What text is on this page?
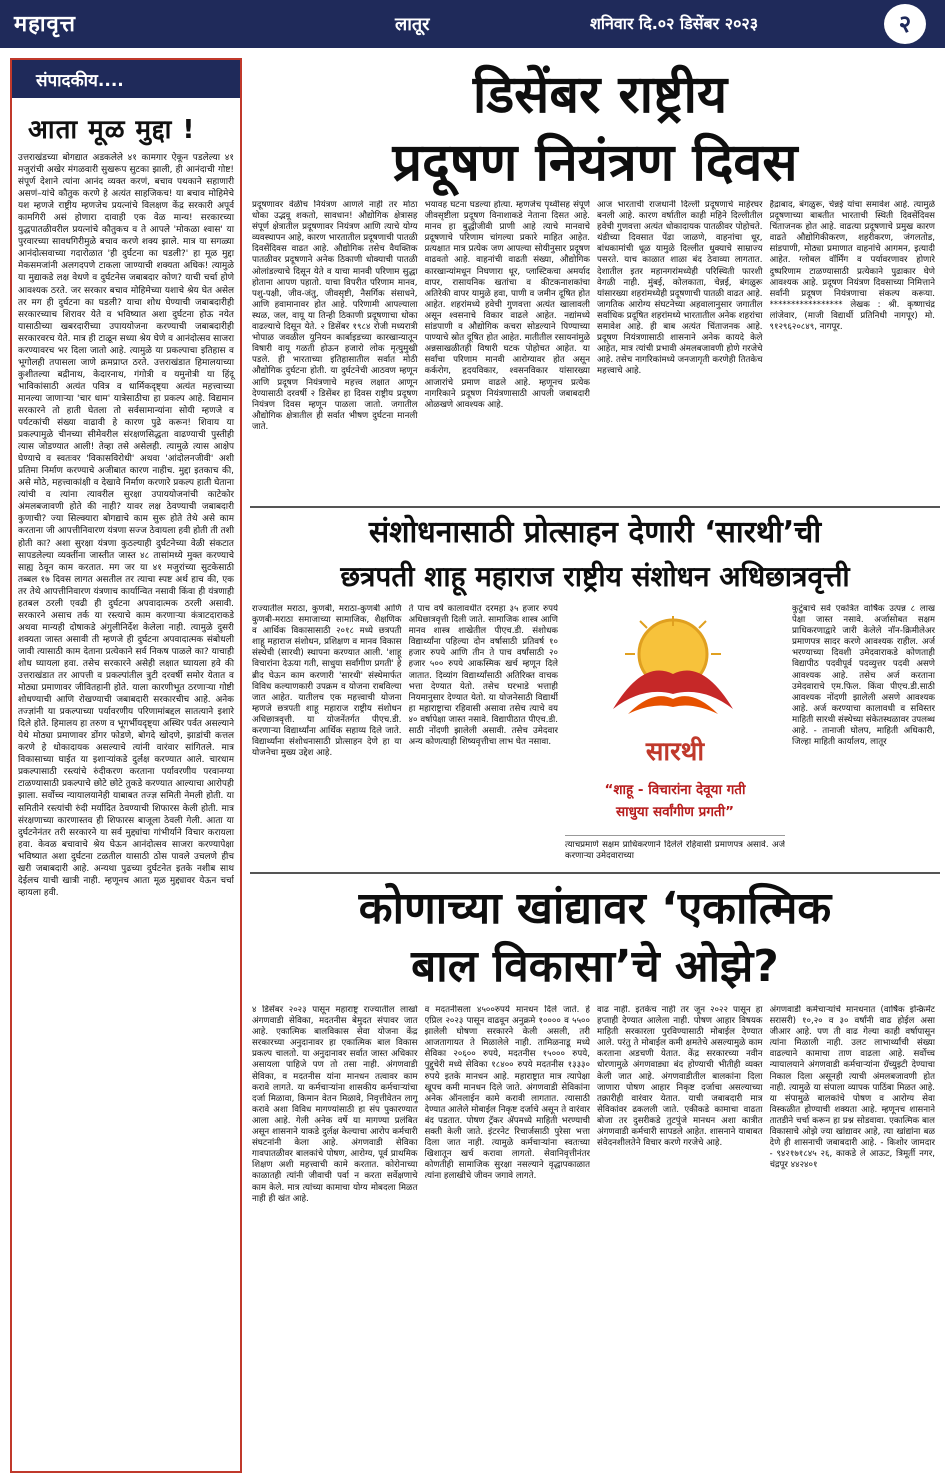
महावृत्त	लातूर	शनिवार दि.०२ डिसेंबर २०२३	२
संपादकीय....
आता मूळ मुद्दा !
उत्तराखंडच्या बोगद्यात अडकलेले ४१ कामगार ऐकून पडलेल्या ४१ मजुरांची अखेर मंगळवारी सुखरूप सुटका झाली, ही आनंदाची गोष्ट! संपूर्ण देशाने त्यांना आनंद व्यक्त करणं, बचाव पथकाने सहाणारी असणं–यांचे कौतुक करणे हे अत्यंत साहजिकच! या बचाव मोहिमेचे यश म्हणजे राष्ट्रीय म्हणजेच प्रयत्नांचे विलक्षण केंद्र सरकारी अपूर्व कामगिरी असं होणारा दावाही एक वेळ मान्य! सरकारच्या युद्धपातळीवरील प्रयत्नांचे कौतुकच व ते आपले 'मोकळा श्वास' या पुरवारच्या सावधगिरीमुळे बचाव करणे शक्य झाले. मात्र या सगळ्या आनंदोत्सवाच्या गदारोळात 'ही दुर्घटना का घडली?' हा मूळ मुद्दा मेकसमजांनी अलगदपणे टाकला जाण्याची शक्यता अधिक! त्यामुळे या मुद्याकडे लक्ष वेधणे व दुर्घटनेस जबाबदार कोण? याची चर्चा होणे आवश्यक ठरते. जर सरकार बचाव मोहिमेच्या यशाचे श्रेय घेत असेल तर मग ही दुर्घटना का घडली? याचा शोध घेण्याची जबाबदारीही सरकारच्याच शिरावर येते व भविष्यात अशा दुर्घटना होऊ नयेत यासाठीच्या खबरदारीच्या उपाययोजना करण्याची जबाबदारीही सरकारवरच येते. मात्र ही टाळून सध्या श्रेय घेणे व आनंदोत्सव साजरा करण्यावरच भर दिला जातो आहे. त्यामुळे या प्रकल्पाचा इतिहास व भूगोलही तपासला जाणे क्रमप्राप्त ठरते. उत्तराखंडात हिमालयाच्या कुशीतल्या बद्रीनाथ, केदारनाथ, गंगोत्री व यमुनोत्री या हिंदू भाविकांसाठी अत्यंत पवित्र व धार्मिकदृष्ट्या अत्यंत महत्त्वाच्या मानल्या जाणाऱ्या 'चार धाम' यात्रेसाठीचा हा प्रकल्प आहे. विद्यमान सरकारने तो हाती घेतला तो सर्वसामान्यांना सोयी म्हणजे व पर्यटकांची संख्या वाढावी हे कारण पुढे करून! शिवाय या प्रकल्पामुळे चीनच्या सीमेवरील संरक्षणसिद्धता वाढण्याची पुस्तीही त्यास जोडण्यात आली! तेव्हा तसे असेलही. त्यामुळे त्यास आक्षेप घेण्याचे व स्वतःवर 'विकासविरोधी' अथवा 'आंदोलनजीवी' अशी प्रतिमा निर्माण करण्याचे अजीबात कारण नाहीच. मुद्दा इतकाच की, असे मोठे, महत्त्वाकांक्षी व देखावे निर्माण करणारे प्रकल्प हाती घेताना त्यांची व त्यांना त्यावरील सुरक्षा उपाययोजनांची काटेकोर अंमलबजावणी होते की नाही? यावर लक्ष ठेवण्याची जबाबदारी कुणाची? ज्या सिल्क्यारा बोगद्याचे काम सुरू होते तेथे असे काम करताना जी आपत्तीनिवारण यंत्रणा सज्ज ठेवायला हवी होती ती तशी होती का? अशा सुरक्षा यंत्रणा कुठल्याही दुर्घटनेच्या वेळी संकटात सापडलेल्या व्यक्तींना जास्तीत जास्त ४८ तासांमध्ये मुक्त करण्याचे साह्य ठेवून काम करतात. मग जर या ४१ मजुरांच्या सुटकेसाठी तब्बल १७ दिवस लागत असतील तर त्याचा स्पष्ट अर्थ हाच की, एक तर तेथे आपत्तीनिवारण यंत्रणाच कार्यान्वित नसावी किंवा ही यंत्रणाही हतबल ठरली एवढी ही दुर्घटना अपवादात्मक ठरली असावी. सरकारने असाच तर्क या रस्त्याचे काम करणाऱ्या कंत्राटदाराकडे अथवा मान्यही दोषाकडे अंगुलीनिर्देश केलेला नाही. त्यामुळे दुसरी शक्यता जास्त असावी ती म्हणजे ही दुर्घटना अपवादात्मक संबोधली जावी त्यासाठी काम देताना प्रत्येकाने सर्व निकष पाळले का? याचाही शोध घ्यायला हवा. तसेच सरकारने असेही लक्षात घ्यायला हवे की उत्तराखंडात तर आपत्ती व प्रकल्पांतील त्रुटी दरवर्षी समोर येतात व मोठ्या प्रमाणावर जीवितहानी होते. याला कारणीभूत ठरणाऱ्या गोष्टी शोधण्याची आणि रोखण्याची जबाबदारी सरकारचीच आहे. अनेक तज्ज्ञांनी या प्रकल्पाच्या पर्यावरणीय परिणामांबद्दल सातत्याने इशारे दिले होते. हिमालय हा तरुण व भूगर्भीयदृष्ट्या अस्थिर पर्वत असल्याने येथे मोठ्या प्रमाणावर डोंगर फोडणे, बोगदे खोदणे, झाडांची कत्तल करणे हे धोकादायक असल्याचे त्यांनी वारंवार सांगितले. मात्र विकासाच्या घाईत या इशाऱ्यांकडे दुर्लक्ष करण्यात आले. चारधाम प्रकल्पासाठी रस्त्यांचे रुंदीकरण करताना पर्यावरणीय परवानग्या टाळण्यासाठी प्रकल्पाचे छोटे छोटे तुकडे करण्यात आल्याचा आरोपही झाला. सर्वोच्च न्यायालयानेही याबाबत तज्ज्ञ समिती नेमली होती. या समितीने रस्त्यांची रुंदी मर्यादित ठेवण्याची शिफारस केली होती. मात्र संरक्षणाच्या कारणास्तव ही शिफारस बाजूला ठेवली गेली. आता या दुर्घटनेनंतर तरी सरकारने या सर्व मुद्द्यांचा गांभीर्याने विचार करायला हवा. केवळ बचावाचे श्रेय घेऊन आनंदोत्सव साजरा करण्यापेक्षा भविष्यात अशा दुर्घटना टळतील यासाठी ठोस पावले उचलणे हीच खरी जबाबदारी आहे. अन्यथा पुढच्या दुर्घटनेत इतके नशीब साथ देईलच याची खात्री नाही. म्हणूनच आता मूळ मुद्द्यावर येऊन चर्चा व्हायला हवी.
डिसेंबर राष्ट्रीय
प्रदूषण नियंत्रण दिवस
प्रदूषणावर वेळीच नियंत्रण आणले नाही तर मोठा धोका उद्भवू शकतो, सावधान! औद्योगिक क्षेत्रासह संपूर्ण क्षेत्रातील प्रदूषणावर नियंत्रण आणि त्याचे योग्य व्यवस्थापन आहे, कारण भारतातील प्रदूषणाची पातळी दिवसेंदिवस वाढत आहे. औद्योगिक तसेच वैयक्तिक पातळीवर प्रदूषणाने अनेक ठिकाणी धोक्याची पातळी ओलांडल्याचे दिसून येते व याचा मानवी परिणाम सुद्धा होताना आपण पहातो. याचा विपरीत परिणाम मानव, पशु-पक्षी, जीव-जंतु, जीवसृष्टी, नैसर्गिक संसाधने, आणि हवामानावर होत आहे. परिणामी आपल्याला स्थळ, जल, वायू या तिन्ही ठिकाणी प्रदूषणाचा धोका वाढल्याचे दिसून येते. २ डिसेंबर १९८४ रोजी मध्यरात्री भोपाळ जवळील युनियन कार्बाइडच्या कारखान्यातून विषारी वायू गळती होऊन हजारो लोक मृत्युमुखी पडले. ही भारताच्या इतिहासातील सर्वात मोठी औद्योगिक दुर्घटना होती. या दुर्घटनेची आठवण म्हणून आणि प्रदूषण नियंत्रणाचे महत्त्व लक्षात आणून देण्यासाठी दरवर्षी २ डिसेंबर हा दिवस राष्ट्रीय प्रदूषण नियंत्रण दिवस म्हणून पाळला जातो. जगातील औद्योगिक क्षेत्रातील ही सर्वात भीषण दुर्घटना मानली जाते.
भयावह घटना घडल्या होत्या. म्हणजेच पृथ्वीसह संपूर्ण जीवसृष्टीला प्रदूषण विनाशाकडे नेताना दिसत आहे. मानव हा बुद्धीजीवी प्राणी आहे त्याचे मानवाचे प्रदूषणाचे परिणाम चांगल्या प्रकारे माहित आहेत. प्रत्यक्षात मात्र प्रत्येक जण आपल्या सोयीनुसार प्रदूषण वाढवतो आहे. वाहनांची वाढती संख्या, औद्योगिक कारखान्यांमधून निघणारा धूर, प्लास्टिकचा अमर्याद वापर, रासायनिक खतांचा व कीटकनाशकांचा अतिरेकी वापर यामुळे हवा, पाणी व जमीन दूषित होत आहेत. शहरांमध्ये हवेची गुणवत्ता अत्यंत खालावली असून श्वसनाचे विकार वाढले आहेत. नद्यांमध्ये सांडपाणी व औद्योगिक कचरा सोडल्याने पिण्याच्या पाण्याचे स्रोत दूषित होत आहेत. मातीतील रसायनांमुळे अन्नसाखळीतही विषारी घटक पोहोचत आहेत. या सर्वांचा परिणाम मानवी आरोग्यावर होत असून कर्करोग, हृदयविकार, श्वसनविकार यांसारख्या आजारांचे प्रमाण वाढले आहे. म्हणूनच प्रत्येक नागरिकाने प्रदूषण नियंत्रणासाठी आपली जबाबदारी ओळखणे आवश्यक आहे.
आज भारताची राजधानी दिल्ली प्रदूषणाचे माहेरघर बनली आहे. कारण वर्षातील काही महिने दिल्लीतील हवेची गुणवत्ता अत्यंत धोकादायक पातळीवर पोहोचते. थंडीच्या दिवसात पेंढा जाळणे, वाहनांचा धूर, बांधकामांची धूळ यामुळे दिल्लीत धुक्याचे साम्राज्य पसरते. याच काळात शाळा बंद ठेवाव्या लागतात. देशातील इतर महानगरांमध्येही परिस्थिती फारशी वेगळी नाही. मुंबई, कोलकाता, चेन्नई, बंगळुरू यांसारख्या शहरांमध्येही प्रदूषणाची पातळी वाढत आहे. जागतिक आरोग्य संघटनेच्या अहवालानुसार जगातील सर्वाधिक प्रदूषित शहरांमध्ये भारतातील अनेक शहरांचा समावेश आहे. ही बाब अत्यंत चिंताजनक आहे. प्रदूषण नियंत्रणासाठी शासनाने अनेक कायदे केले आहेत, मात्र त्यांची प्रभावी अंमलबजावणी होणे गरजेचे आहे. तसेच नागरिकांमध्ये जनजागृती करणेही तितकेच महत्त्वाचे आहे.
हैद्राबाद, बंगळुरू, चेन्नई यांचा समावेश आहे. त्यामुळे प्रदूषणाच्या बाबतीत भारताची स्थिती दिवसेंदिवस चिंताजनक होत आहे. वाढत्या प्रदूषणाचे प्रमुख कारण वाढते औद्योगिकीकरण, शहरीकरण, जंगलतोड, सांडपाणी, मोठ्या प्रमाणात वाहनांचे आगमन, इत्यादी आहेत. ग्लोबल वॉर्मिंग व पर्यावरणावर होणारे दुष्परिणाम टाळण्यासाठी प्रत्येकाने पुढाकार घेणे आवश्यक आहे. प्रदूषण नियंत्रण दिवसाच्या निमित्ताने सर्वांनी प्रदूषण नियंत्रणाचा संकल्प करूया. ***************** लेखक : श्री. कृष्णाचंद्र लांजेवार, (माजी विद्यार्थी प्रतिनिधी नागपूर) मो. ९१२९६२०८४९, नागपूर.
संशोधनासाठी प्रोत्साहन देणारी ‘सारथी’ची
छत्रपती शाहू महाराज राष्ट्रीय संशोधन अधिछात्रवृत्ती
राज्यातील मराठा, कुणबी, मराठा-कुणबी आणि कुणबी-मराठा समाजाच्या सामाजिक, शैक्षणिक व आर्थिक विकासासाठी २०१८ मध्ये छत्रपती शाहू महाराज संशोधन, प्रशिक्षण व मानव विकास संस्थेची (सारथी) स्थापना करण्यात आली. 'शाहू विचारांना देऊया गती, साधुया सर्वांगीण प्रगती' हे ब्रीद घेऊन काम करणारी 'सारथी' संस्थेमार्फत विविध कल्याणकारी उपक्रम व योजना राबविल्या जात आहेत. यातीलच एक महत्त्वाची योजना म्हणजे छत्रपती शाहू महाराज राष्ट्रीय संशोधन अधिछात्रवृत्ती. या योजनेंतर्गत पीएच.डी. करणाऱ्या विद्यार्थ्यांना आर्थिक सहाय्य दिले जाते. विद्यार्थ्यांना संशोधनासाठी प्रोत्साहन देणे हा या योजनेचा मुख्य उद्देश आहे.
ते पाच वर्षे कालावधीत दरमहा ३५ हजार रुपये अधिछात्रवृत्ती दिली जाते. सामाजिक शास्त्र आणि मानव शास्त्र शाखेतील पीएच.डी. संशोधक विद्यार्थ्यांना पहिल्या दोन वर्षासाठी प्रतिवर्ष १० हजार रुपये आणि तीन ते पाच वर्षांसाठी २० हजार ५०० रुपये आकस्मिक खर्च म्हणून दिले जातात. दिव्यांग विद्यार्थ्यांसाठी अतिरिक्त वाचक भत्ता देण्यात येतो. तसेच घरभाडे भत्ताही नियमानुसार देण्यात येतो. या योजनेसाठी विद्यार्थी हा महाराष्ट्राचा रहिवासी असावा तसेच त्याचे वय ४० वर्षापेक्षा जास्त नसावे. विद्यापीठात पीएच.डी. साठी नोंदणी झालेली असावी. तसेच उमेदवार अन्य कोणत्याही शिष्यवृत्तीचा लाभ घेत नसावा.	सारथी
“शाहू - विचारांना देवूया गती
साधुया सर्वांगीण प्रगती”
त्याचप्रमाणे सक्षम प्राधिकरणाने दिलेले रहिवासी प्रमाणपत्र असावे. अर्ज करणाऱ्या उमेदवाराच्या
कुटुंबाचे सर्व एकत्रित वार्षिक उत्पन्न ८ लाख पेक्षा जास्त नसावे. अर्जासोबत सक्षम प्राधिकरणाद्वारे जारी केलेले नॉन-क्रिमीलेअर प्रमाणपत्र सादर करणे आवश्यक राहील. अर्ज भरण्याच्या दिवशी उमेदवाराकडे कोणताही विद्यापीठ पदवीपूर्व पदव्युत्तर पदवी असणे आवश्यक आहे. तसेच अर्ज करताना उमेदवाराचे एम.फिल. किंवा पीएच.डी.साठी आवश्यक नोंदणी झालेली असणे आवश्यक आहे. अर्ज करण्याचा कालावधी व सविस्तर माहिती सारथी संस्थेच्या संकेतस्थळावर उपलब्ध आहे. - तानाजी घोलप, माहिती अधिकारी, जिल्हा माहिती कार्यालय, लातूर
कोणाच्या खांद्यावर ‘एकात्मिक
बाल विकासा’चे ओझे?
४ डिसेंबर २०२३ पासून महाराष्ट्र राज्यातील लाखो अंगणवाडी सेविका, मदतनीस बेमुदत संपावर जात आहे. एकात्मिक बालविकास सेवा योजना केंद्र सरकारच्या अनुदानावर हा एकात्मिक बाल विकास प्रकल्प चालतो. या अनुदानावर सर्वात जास्त अधिकार असायला पाहिजे पण तो तसा नाही. अंगणवाडी सेविका, व मदतनीस यांना मानधन तत्वावर काम करावे लागते. या कर्मचाऱ्यांना शासकीय कर्मचाऱ्यांचा दर्जा मिळावा, किमान वेतन मिळावे, निवृत्तीवेतन लागू करावे अशा विविध मागण्यांसाठी हा संप पुकारण्यात आला आहे. गेली अनेक वर्षे या मागण्या प्रलंबित असून शासनाने याकडे दुर्लक्ष केल्याचा आरोप कर्मचारी संघटनांनी केला आहे. अंगणवाडी सेविका गावपातळीवर बालकांचे पोषण, आरोग्य, पूर्व प्राथमिक शिक्षण अशी महत्त्वाची कामे करतात. कोरोनाच्या काळातही त्यांनी जीवाची पर्वा न करता सर्वेक्षणाचे काम केले. मात्र त्यांच्या कामाचा योग्य मोबदला मिळत नाही ही खंत आहे.
व मदतनीसला ४५००रुपये मानधन दिले जाते. हे एप्रिल २०२३ पासून वाढवून अनुक्रमे १०००० व ५५०० झालेली घोषणा सरकारने केली असली, तरी आजतागायत ते मिळालेले नाही. तामिळनाडू मध्ये सेविका २०६०० रुपये, मदतनीस १५००० रुपये, पुद्दुचेरी मध्ये सेविका १८४०० रुपये मदतनीस १३३३० रुपये इतके मानधन आहे. महाराष्ट्रात मात्र त्यापेक्षा खूपच कमी मानधन दिले जाते. अंगणवाडी सेविकांना अनेक ऑनलाईन कामे करावी लागतात. त्यासाठी देण्यात आलेले मोबाईल निकृष्ट दर्जाचे असून ते वारंवार बंद पडतात. पोषण ट्रॅकर ॲपमध्ये माहिती भरण्याची सक्ती केली जाते. इंटरनेट रिचार्जसाठी पुरेसा भत्ता दिला जात नाही. त्यामुळे कर्मचाऱ्यांना स्वतःच्या खिशातून खर्च करावा लागतो. सेवानिवृत्तीनंतर कोणतीही सामाजिक सुरक्षा नसल्याने वृद्धापकाळात त्यांना हलाखीचे जीवन जगावे लागते.
वाढ नाही. इतकेच नाही तर जून २०२२ पासून हा हप्ताही देण्यात आलेला नाही. पोषण आहार विषयक माहिती सरकारला पुरविण्यासाठी मोबाईल देण्यात आले. परंतु ते मोबाईल कमी क्षमतेचे असल्यामुळे काम करताना अडचणी येतात. केंद्र सरकारच्या नवीन धोरणामुळे अंगणवाड्या बंद होण्याची भीतीही व्यक्त केली जात आहे. अंगणवाडीतील बालकांना दिला जाणारा पोषण आहार निकृष्ट दर्जाचा असल्याच्या तक्रारीही वारंवार येतात. याची जबाबदारी मात्र सेविकांवर ढकलली जाते. एकीकडे कामाचा वाढता बोजा तर दुसरीकडे तुटपुंजे मानधन अशा कात्रीत अंगणवाडी कर्मचारी सापडले आहेत. शासनाने याबाबत संवेदनशीलतेने विचार करणे गरजेचे आहे.
अंगणवाडी कर्मचाऱ्यांचे मानधनात (वार्षिक इन्क्रिमेंट सरासरी) १०,२० व ३० वर्षांनी वाढ होईल असा जीआर आहे. पण ती वाढ गेल्या काही वर्षापासून त्यांना मिळाली नाही. उलट लाभार्थ्यांची संख्या वाढल्याने कामाचा ताण वाढला आहे. सर्वोच्च न्यायालयाने अंगणवाडी कर्मचाऱ्यांना ग्रॅच्युइटी देण्याचा निकाल दिला असूनही त्याची अंमलबजावणी होत नाही. त्यामुळे या संपाला व्यापक पाठिंबा मिळत आहे. या संपामुळे बालकांचे पोषण व आरोग्य सेवा विस्कळीत होण्याची शक्यता आहे. म्हणूनच शासनाने तातडीने चर्चा करून हा प्रश्न सोडवावा. एकात्मिक बाल विकासाचे ओझे ज्या खांद्यावर आहे, त्या खांद्यांना बळ देणे ही शासनाची जबाबदारी आहे. - किशोर जामदार - ९४२१७१८४५ २६, काकडे ले आऊट, त्रिमूर्ती नगर, चंद्रपूर ४४२४०१
